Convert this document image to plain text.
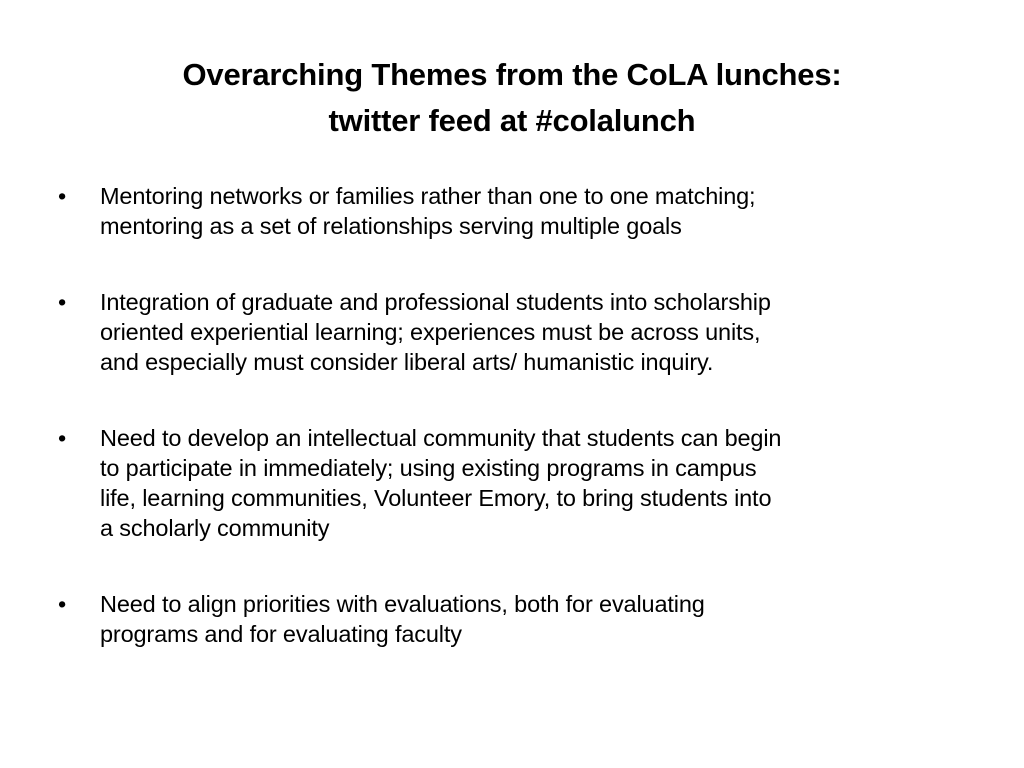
Overarching Themes from the CoLA lunches:
twitter feed at #colalunch
•	Mentoring networks or families rather than one to one matching;
mentoring as a set of relationships serving multiple goals
•	Integration of graduate and professional students into scholarship
oriented experiential learning; experiences must be across units,
and especially must consider liberal arts/ humanistic inquiry.
•	Need to develop an intellectual community that students can begin
to participate in immediately; using existing programs in campus
life, learning communities, Volunteer Emory, to bring students into
a scholarly community
•	Need to align priorities with evaluations, both for evaluating
programs and for evaluating faculty
